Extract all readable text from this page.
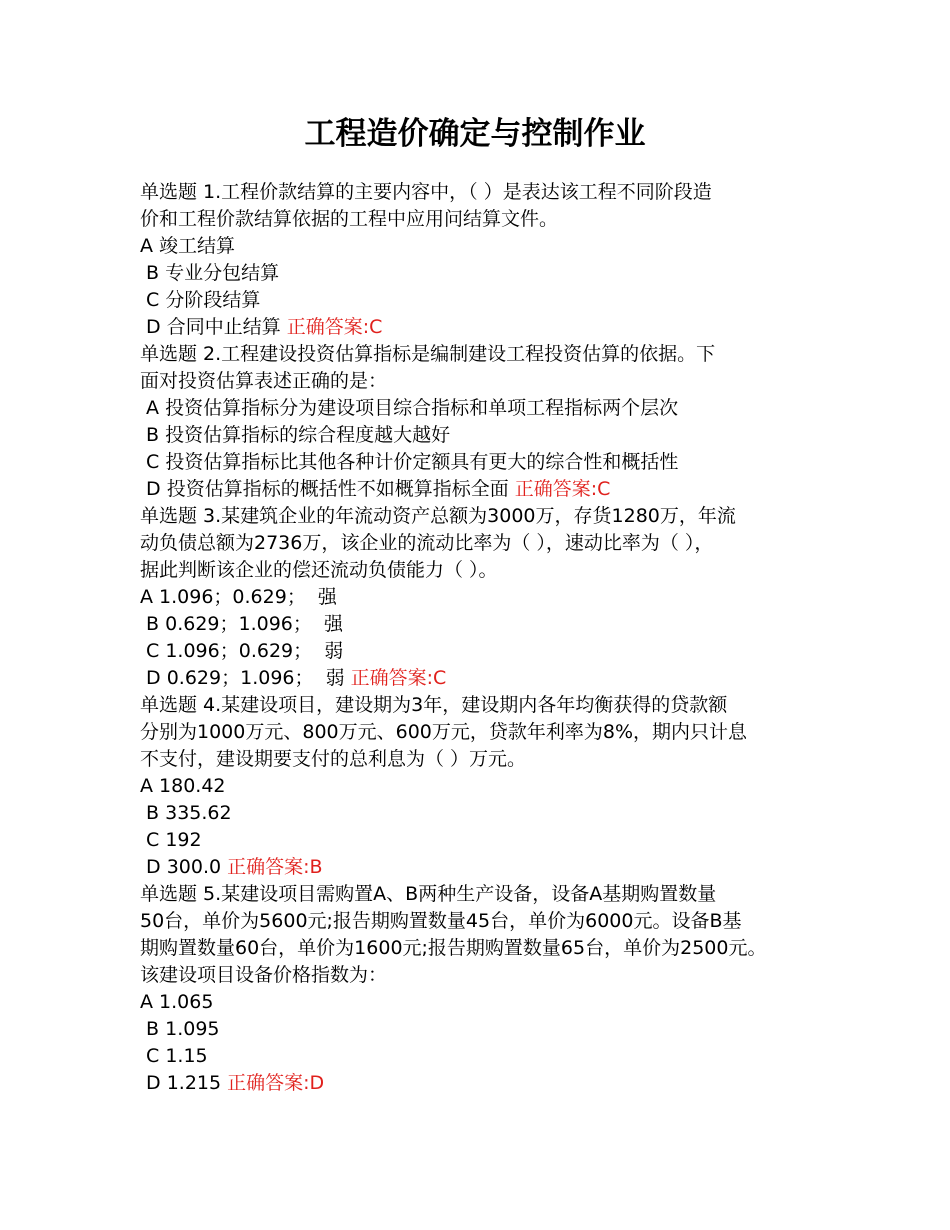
工程造价确定与控制作业
单选题 1.工程价款结算的主要内容中，（ ）是表达该工程不同阶段造
价和工程价款结算依据的工程中应用问结算文件。
A 竣工结算
B 专业分包结算
C 分阶段结算
D 合同中止结算 正确答案:C
单选题 2.工程建设投资估算指标是编制建设工程投资估算的依据。下
面对投资估算表述正确的是：
A 投资估算指标分为建设项目综合指标和单项工程指标两个层次
B 投资估算指标的综合程度越大越好
C 投资估算指标比其他各种计价定额具有更大的综合性和概括性
D 投资估算指标的概括性不如概算指标全面 正确答案:C
单选题 3.某建筑企业的年流动资产总额为3000万，存货1280万，年流
动负债总额为2736万，该企业的流动比率为（ ），速动比率为（ ），
据此判断该企业的偿还流动负债能力（ ）。
A 1.096；0.629；  强
B 0.629；1.096；  强
C 1.096；0.629；  弱
D 0.629；1.096；  弱 正确答案:C
单选题 4.某建设项目，建设期为3年，建设期内各年均衡获得的贷款额
分别为1000万元、800万元、600万元，贷款年利率为8%，期内只计息
不支付，建设期要支付的总利息为（ ）万元。
A 180.42
B 335.62
C 192
D 300.0 正确答案:B
单选题 5.某建设项目需购置A、B两种生产设备，设备A基期购置数量
50台，单价为5600元;报告期购置数量45台，单价为6000元。设备B基
期购置数量60台，单价为1600元;报告期购置数量65台，单价为2500元。
该建设项目设备价格指数为：
A 1.065
B 1.095
C 1.15
D 1.215 正确答案:D
